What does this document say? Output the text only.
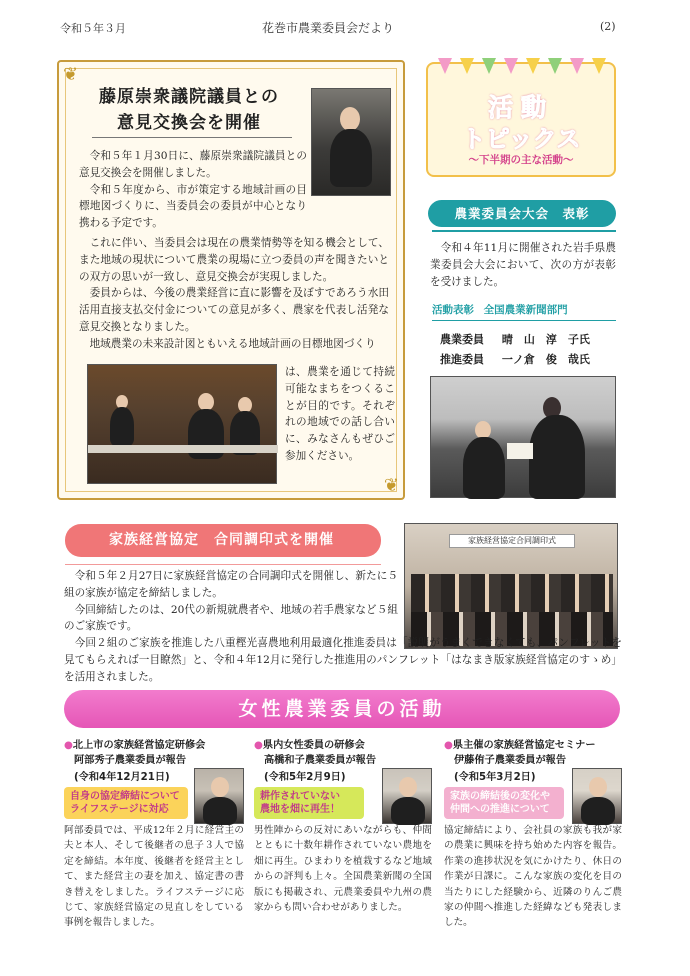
令和５年３月	花巻市農業委員会だより	(2)
❦
❦
藤原崇衆議院議員との
意見交換会を開催

令和５年１月30日に、藤原崇衆議院議員との意見交換会を開催しました。

令和５年度から、市が策定する地域計画の目標地図づくりに、当委員会の委員が中心となり携わる予定です。

これに伴い、当委員会は現在の農業情勢等を知る機会として、また地域の現状について農業の現場に立つ委員の声を聞きたいとの双方の思いが一致し、意見交換会が実現しました。

委員からは、今後の農業経営に直に影響を及ぼすであろう水田活用直接支払交付金についての意見が多く、農家を代表し活発な意見交換となりました。

地域農業の未来設計図ともいえる地域計画の目標地図づくり

は、農業を通じて持続可能なまちをつくることが目的です。それぞれの地域での話し合いに、みなさんもぜひご参加ください。

活動
トピックス
～下半期の主な活動～
農業委員会大会　表彰

令和４年11月に開催された岩手県農業委員会大会において、次の方が表彰を受けました。

活動表彰 全国農業新聞部門
農業委員 晴　山　淳　子氏
推進委員 一ノ倉　俊　哉氏
家族経営協定　合同調印式を開催	家族経営協定合同調印式

令和５年２月27日に家族経営協定の合同調印式を開催し、新たに５組の家族が協定を締結しました。

今回締結したのは、20代の新規就農者や、地域の若手農家など５組のご家族です。

今回２組のご家族を推進した八重樫光喜農地利用最適化推進委員は「説明がうまくできなくても、パンフレットを見てもらえれば一目瞭然」と、令和４年12月に発行した推進用のパンフレット「はなまき版家族経営協定のすゝめ」を活用されました。

女性農業委員の活動
●北上市の家族経営協定研修会
阿部秀子農業委員が報告
(令和4年12月21日)
自身の協定締結について　ライフステージに対応

阿部委員では、平成12年２月に経営主の夫と本人、そして後継者の息子３人で協定を締結。本年度、後継者を経営主として、また経営主の妻を加え、協定書の書き替えをしました。ライフステージに応じて、家族経営協定の見直しをしている事例を報告しました。

●県内女性委員の研修会
高橋和子農業委員が報告
(令和5年2月9日)
耕作されていない　農地を畑に再生！

男性陣からの反対にあいながらも、仲間とともに十数年耕作されていない農地を畑に再生。ひまわりを植栽するなど地域からの評判も上々。全国農業新聞の全国版にも掲載され、元農業委員や九州の農家からも問い合わせがありました。

●県主催の家族経営協定セミナー
伊藤侑子農業委員が報告
(令和5年3月2日)
家族の締結後の変化や　仲間への推進について

協定締結により、会社員の家族も我が家の農業に興味を持ち始めた内容を報告。作業の進捗状況を気にかけたり、休日の作業が日課に。こんな家族の変化を目の当たりにした経験から、近隣のりんご農家の仲間へ推進した経緯なども発表しました。
